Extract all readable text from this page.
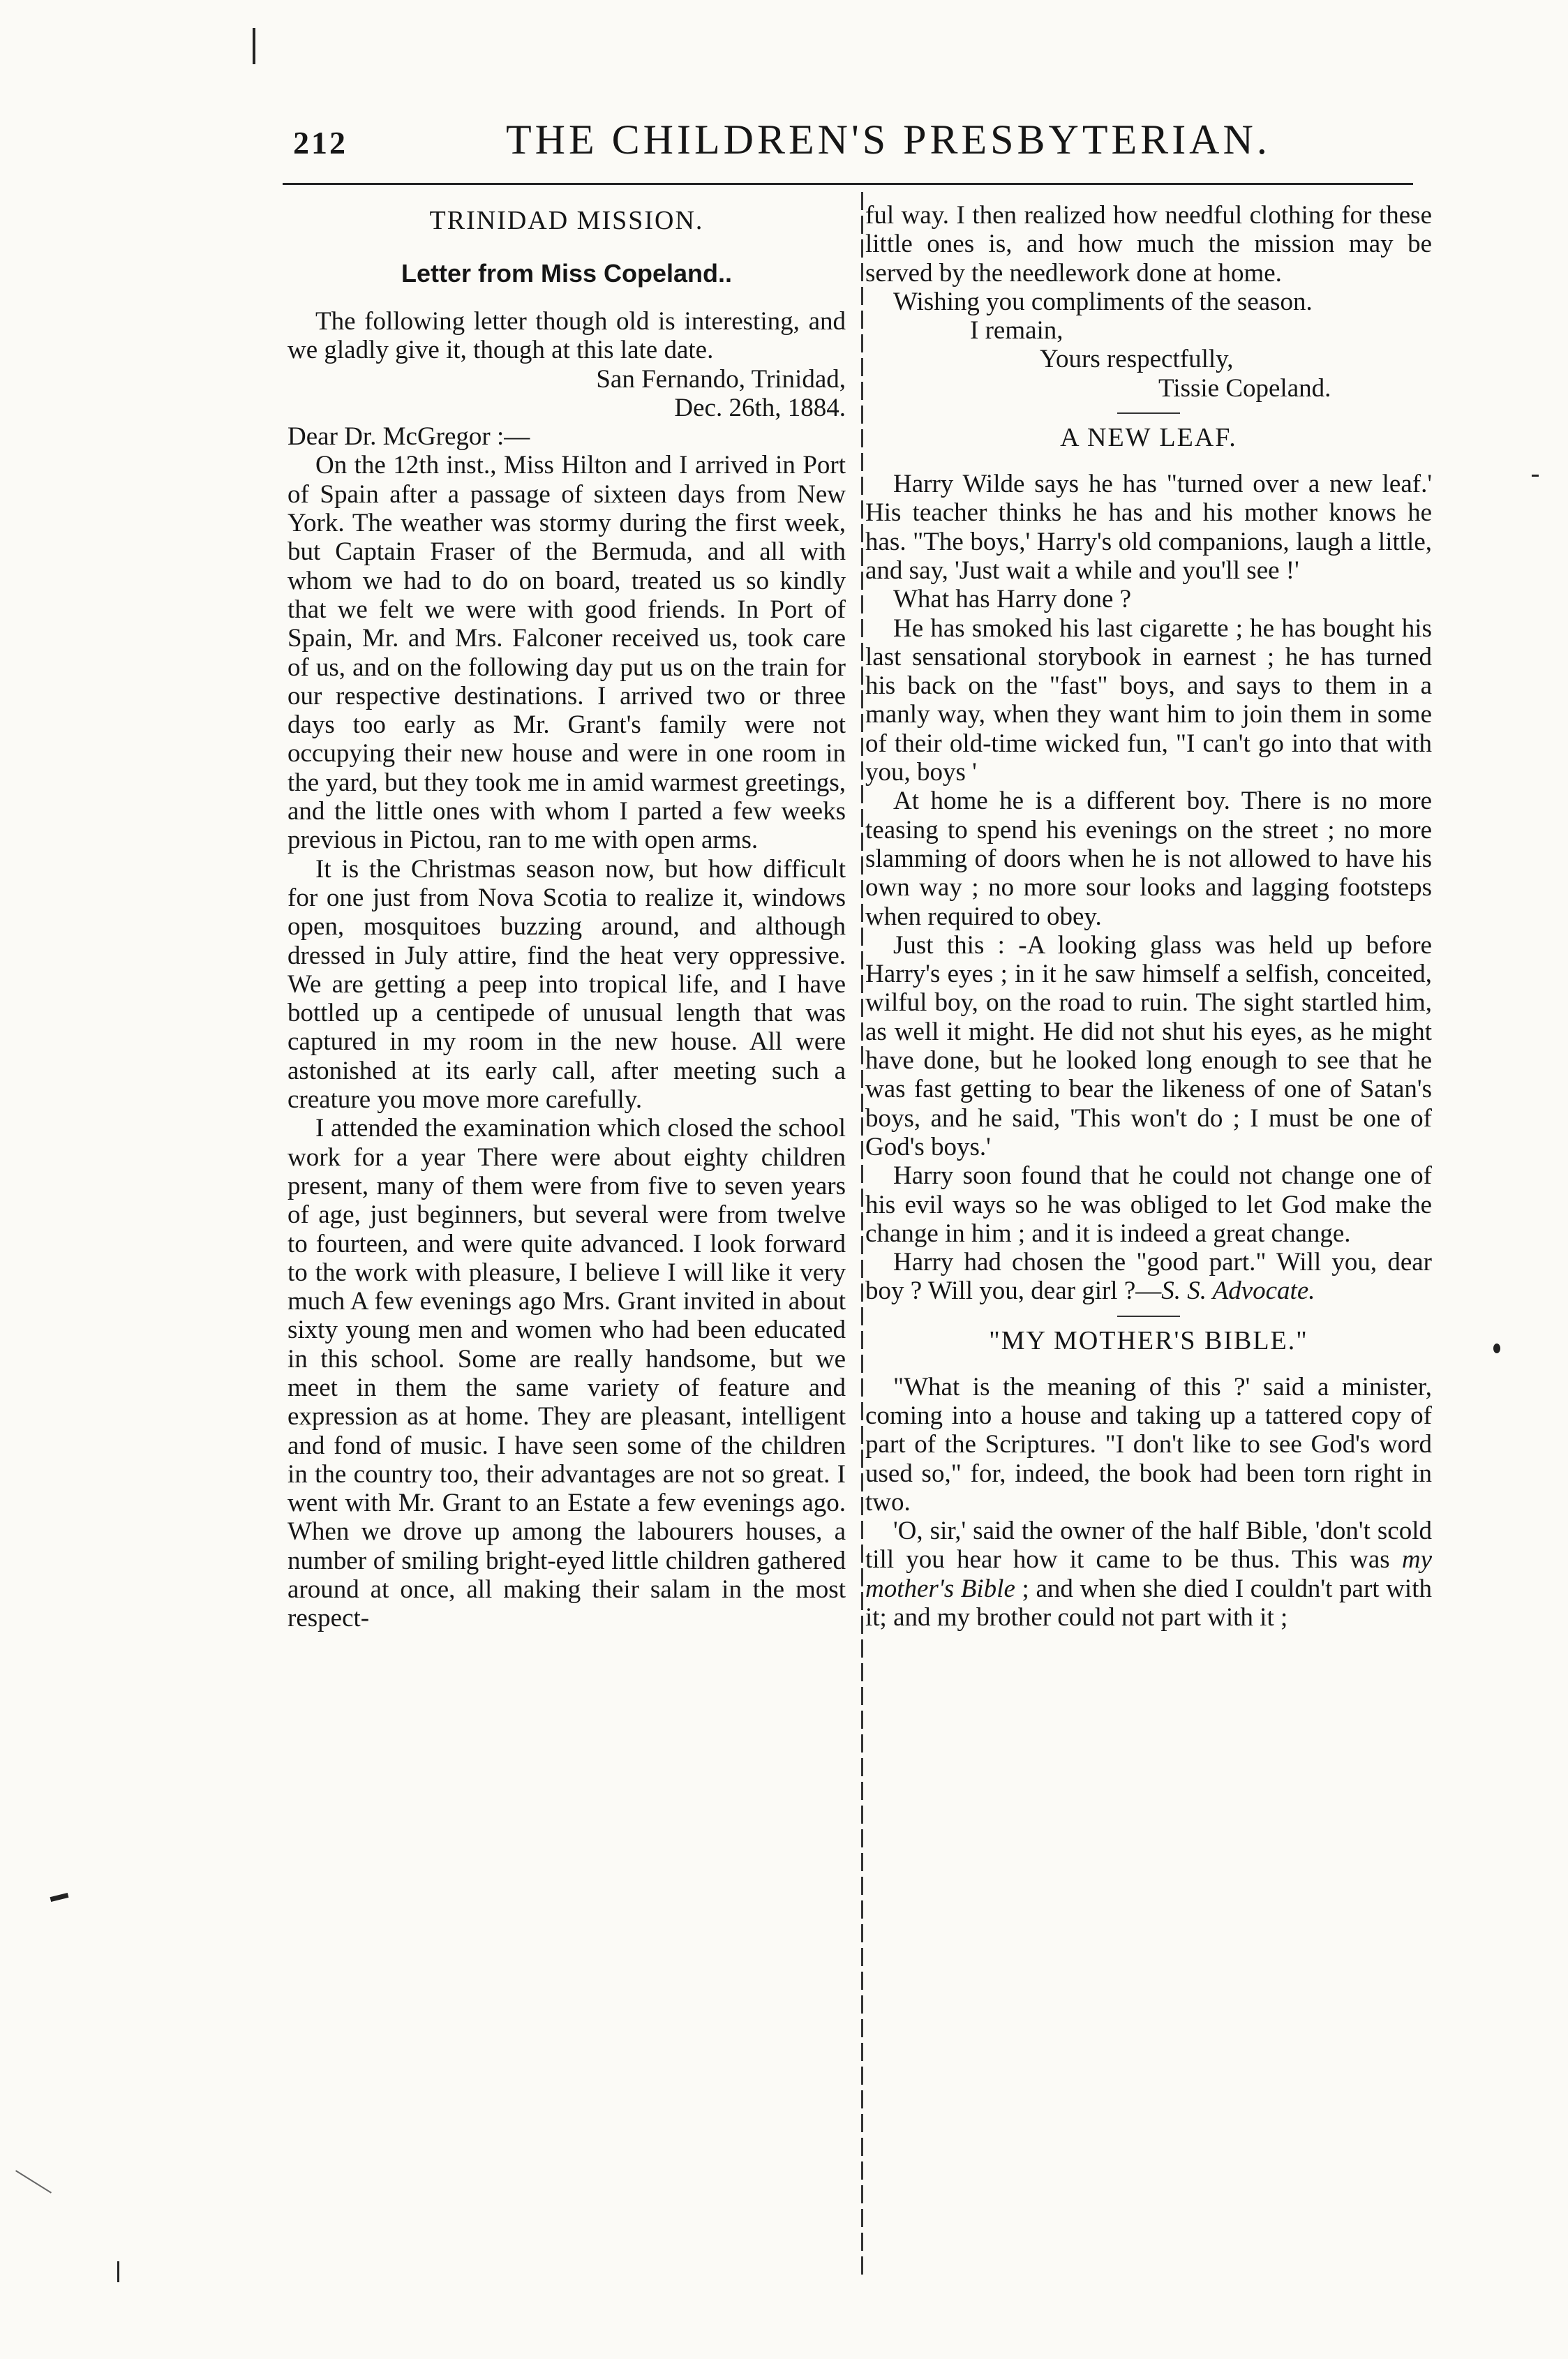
212	THE CHILDREN'S PRESBYTERIAN.
TRINIDAD MISSION.
Letter from Miss Copeland..

The following letter though old is interesting, and we gladly give it, though at this late date.

San Fernando, Trinidad,
Dec. 26th, 1884.

Dear Dr. McGregor :—

On the 12th inst., Miss Hilton and I arrived in Port of Spain after a passage of sixteen days from New York. The weather was stormy during the first week, but Captain Fraser of the Bermuda, and all with whom we had to do on board, treated us so kindly that we felt we were with good friends. In Port of Spain, Mr. and Mrs. Falconer received us, took care of us, and on the following day put us on the train for our respective destinations. I arrived two or three days too early as Mr. Grant's family were not occupying their new house and were in one room in the yard, but they took me in amid warmest greetings, and the little ones with whom I parted a few weeks previous in Pictou, ran to me with open arms.

It is the Christmas season now, but how difficult for one just from Nova Scotia to realize it, windows open, mosquitoes buzzing around, and although dressed in July attire, find the heat very oppressive. We are getting a peep into tropical life, and I have bottled up a centipede of unusual length that was captured in my room in the new house. All were astonished at its early call, after meeting such a creature you move more carefully.

I attended the examination which closed the school work for a year There were about eighty children present, many of them were from five to seven years of age, just beginners, but several were from twelve to fourteen, and were quite advanced. I look forward to the work with pleasure, I believe I will like it very much A few evenings ago Mrs. Grant invited in about sixty young men and women who had been educated in this school. Some are really handsome, but we meet in them the same variety of feature and expression as at home. They are pleasant, intelligent and fond of music. I have seen some of the children in the country too, their advantages are not so great. I went with Mr. Grant to an Estate a few evenings ago. When we drove up among the labourers houses, a number of smiling bright-eyed little children gathered around at once, all making their salam in the most respect-

ful way. I then realized how needful clothing for these little ones is, and how much the mission may be served by the needlework done at home.

Wishing you compliments of the season.

I remain,
Yours respectfully,
Tissie Copeland.

A NEW LEAF.

Harry Wilde says he has "turned over a new leaf.' His teacher thinks he has and his mother knows he has. "The boys,' Harry's old companions, laugh a little, and say, 'Just wait a while and you'll see !'

What has Harry done ?

He has smoked his last cigarette ; he has bought his last sensational storybook in earnest ; he has turned his back on the "fast" boys, and says to them in a manly way, when they want him to join them in some of their old-time wicked fun, "I can't go into that with you, boys '

At home he is a different boy. There is no more teasing to spend his evenings on the street ; no more slamming of doors when he is not allowed to have his own way ; no more sour looks and lagging footsteps when required to obey.

Just this : -A looking glass was held up before Harry's eyes ; in it he saw himself a selfish, conceited, wilful boy, on the road to ruin. The sight startled him, as well it might. He did not shut his eyes, as he might have done, but he looked long enough to see that he was fast getting to bear the likeness of one of Satan's boys, and he said, 'This won't do ; I must be one of God's boys.'

Harry soon found that he could not change one of his evil ways so he was obliged to let God make the change in him ; and it is indeed a great change.

Harry had chosen the "good part." Will you, dear boy ? Will you, dear girl ?—S. S. Advocate.

"MY MOTHER'S BIBLE."

"What is the meaning of this ?' said a minister, coming into a house and taking up a tattered copy of part of the Scriptures. "I don't like to see God's word used so," for, indeed, the book had been torn right in two.

'O, sir,' said the owner of the half Bible, 'don't scold till you hear how it came to be thus. This was my mother's Bible ; and when she died I couldn't part with it; and my brother could not part with it ;
